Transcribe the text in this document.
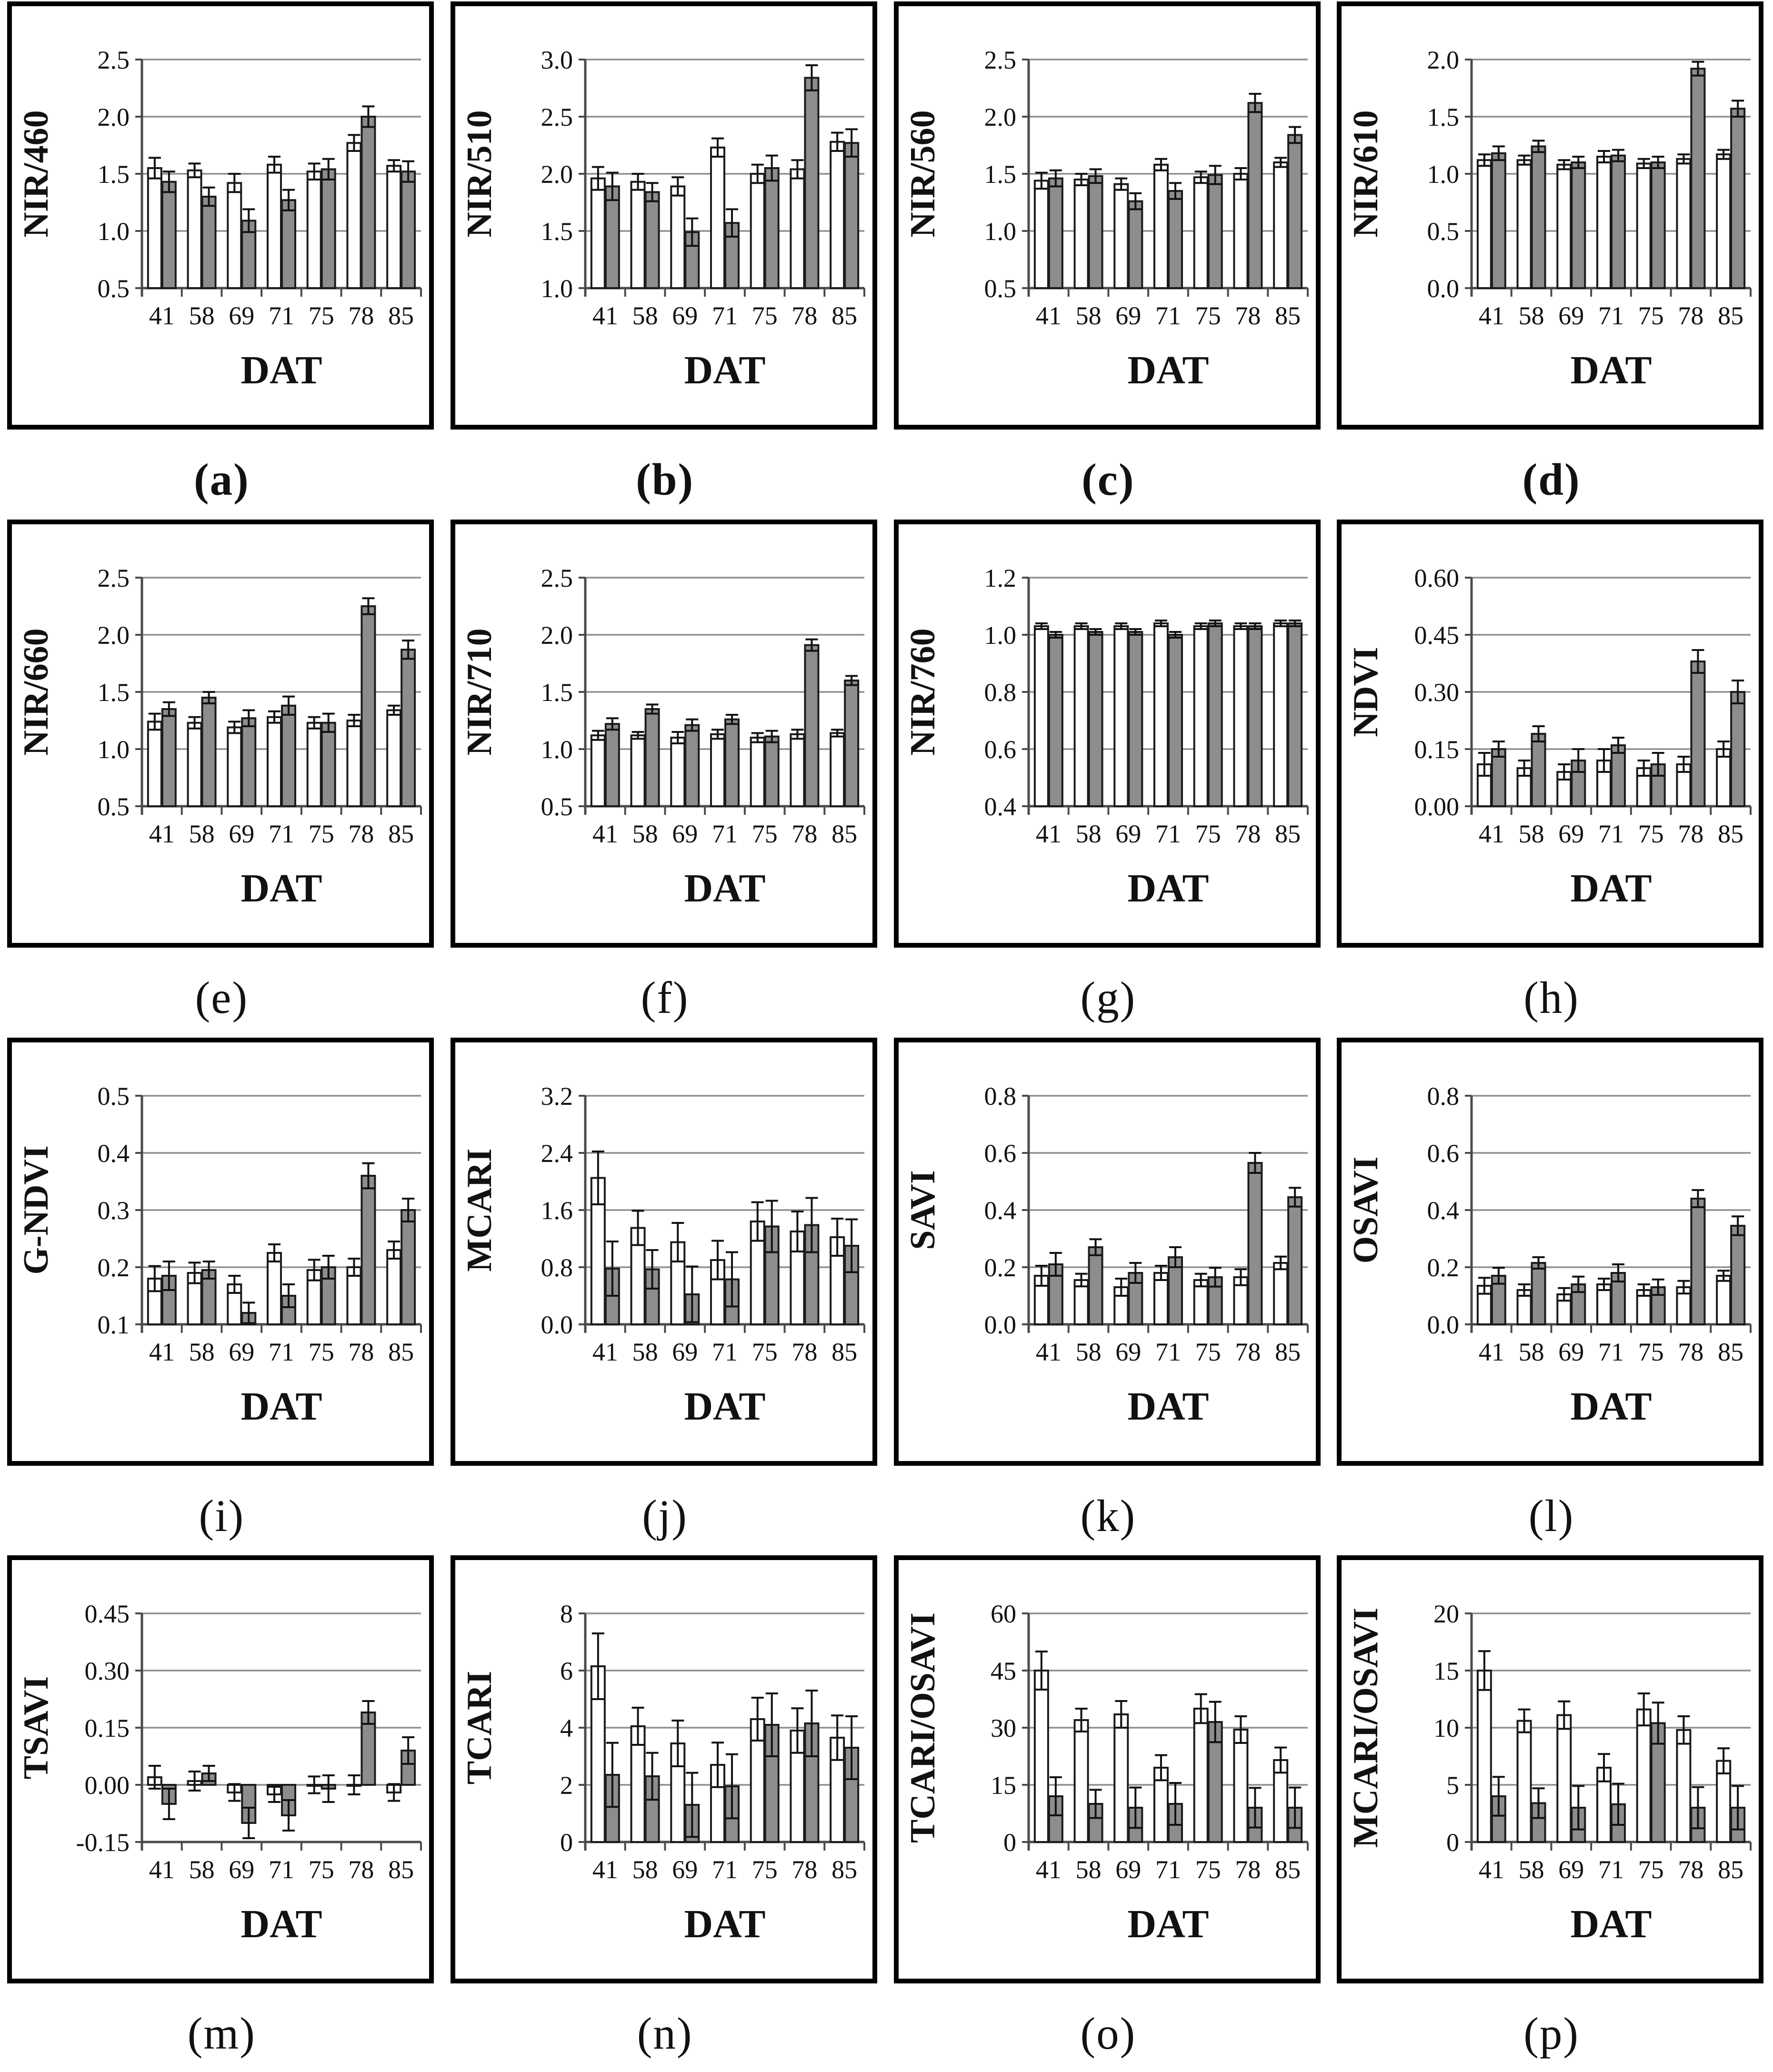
0.5
1.0
1.5
2.0
2.5
41 58 69 71 75 78 85
NIR/460
DAT
(a)
1.0
1.5
2.0
2.5
3.0
41 58 69 71 75 78 85
NIR/510
DAT
(b)
0.5
1.0
1.5
2.0
2.5
41 58 69 71 75 78 85
NIR/560
DAT
(c)
0.0
0.5
1.0
1.5
2.0
41 58 69 71 75 78 85
NIR/610
DAT
(d)
0.5
1.0
1.5
2.0
2.5
41 58 69 71 75 78 85
NIR/660
DAT
(e)
0.5
1.0
1.5
2.0
2.5
41 58 69 71 75 78 85
NIR/710
DAT
(f)
0.4
0.6
0.8
1.0
1.2
41 58 69 71 75 78 85
NIR/760
DAT
(g)
0.00
0.15
0.30
0.45
0.60
41 58 69 71 75 78 85
NDVI
DAT
(h)
0.1
0.2
0.3
0.4
0.5
41 58 69 71 75 78 85
G-NDVI
DAT
(i)
0.0
0.8
1.6
2.4
3.2
41 58 69 71 75 78 85
MCARI
DAT
(j)
0.0
0.2
0.4
0.6
0.8
41 58 69 71 75 78 85
SAVI
DAT
(k)
0.0
0.2
0.4
0.6
0.8
41 58 69 71 75 78 85
OSAVI
DAT
(l)
-0.15
0.00
0.15
0.30
0.45
41 58 69 71 75 78 85
TSAVI
DAT
(m)
0
2
4
6
8
41 58 69 71 75 78 85
TCARI
DAT
(n)
0
15
30
45
60
41 58 69 71 75 78 85
TCARI/OSAVI
DAT
(o)
0
5
10
15
20
41 58 69 71 75 78 85
MCARI/OSAVI
DAT
(p)
